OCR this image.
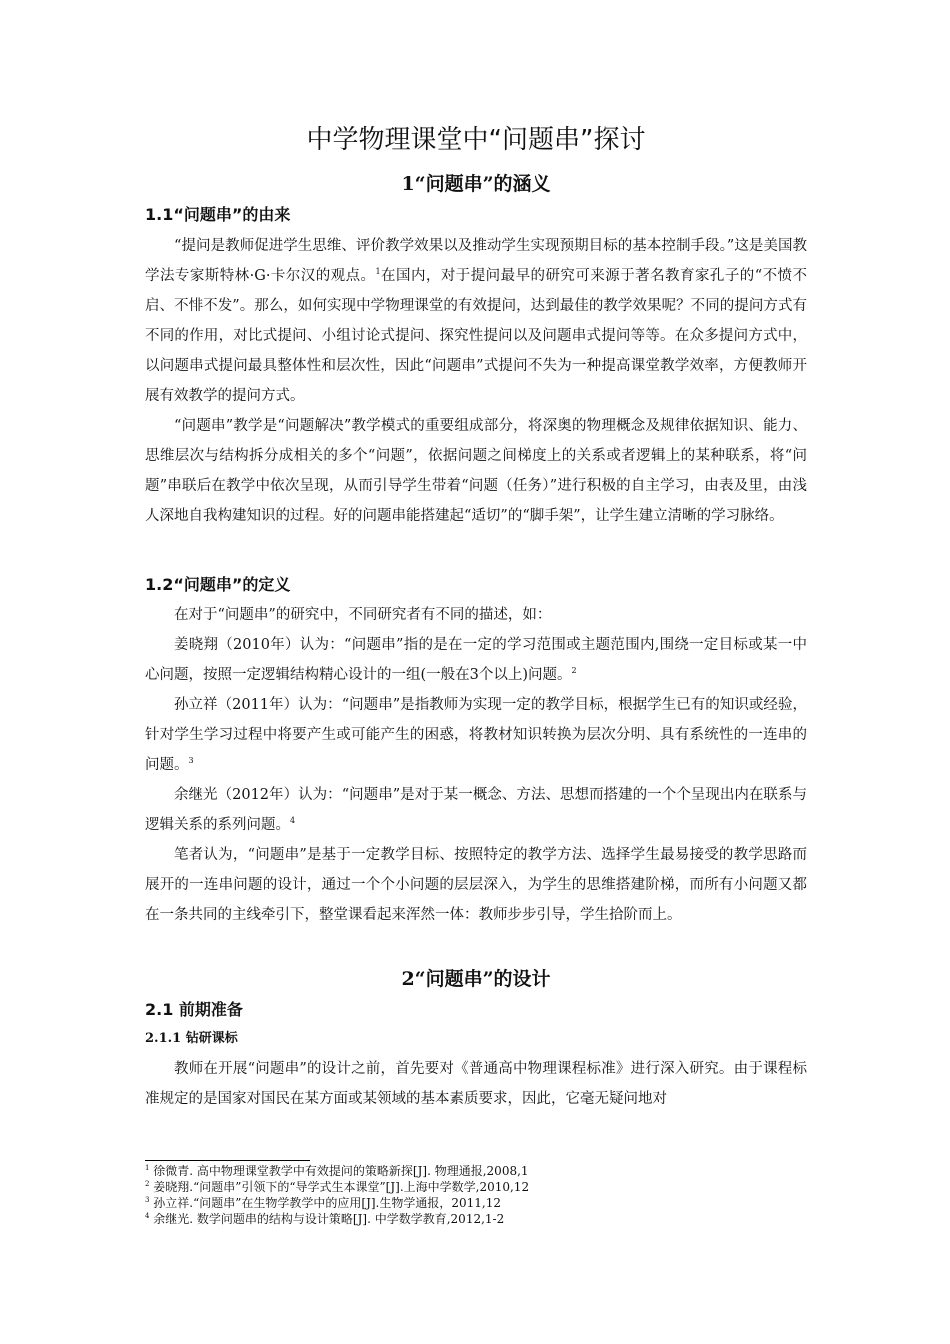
中学物理课堂中“问题串”探讨
1“问题串”的涵义
1.1“问题串”的由来

“提问是教师促进学生思维、评价教学效果以及推动学生实现预期目标的基本控制手段。”这是美国教学法专家斯特林·G·卡尔汉的观点。$^1$在国内，对于提问最早的研究可来源于著名教育家孔子的“不愤不启、不悱不发”。那么，如何实现中学物理课堂的有效提问，达到最佳的教学效果呢？不同的提问方式有不同的作用，对比式提问、小组讨论式提问、探究性提问以及问题串式提问等等。在众多提问方式中，以问题串式提问最具整体性和层次性，因此“问题串”式提问不失为一种提高课堂教学效率，方便教师开展有效教学的提问方式。

“问题串”教学是“问题解决”教学模式的重要组成部分，将深奥的物理概念及规律依据知识、能力、思维层次与结构拆分成相关的多个“问题”，依据问题之间梯度上的关系或者逻辑上的某种联系，将“问题”串联后在教学中依次呈现，从而引导学生带着“问题（任务）”进行积极的自主学习，由表及里，由浅人深地自我构建知识的过程。好的问题串能搭建起“适切”的“脚手架”，让学生建立清晰的学习脉络。

1.2“问题串”的定义

在对于“问题串”的研究中，不同研究者有不同的描述，如：

姜晓翔（2010年）认为：“问题串”指的是在一定的学习范围或主题范围内,围绕一定目标或某一中心问题，按照一定逻辑结构精心设计的一组(一般在3个以上)问题。$^2$

孙立祥（2011年）认为：“问题串”是指教师为实现一定的教学目标，根据学生已有的知识或经验，针对学生学习过程中将要产生或可能产生的困惑，将教材知识转换为层次分明、具有系统性的一连串的问题。$^3$

余继光（2012年）认为：“问题串”是对于某一概念、方法、思想而搭建的一个个呈现出内在联系与逻辑关系的系列问题。$^4$

笔者认为，“问题串”是基于一定教学目标、按照特定的教学方法、选择学生最易接受的教学思路而展开的一连串问题的设计，通过一个个小问题的层层深入，为学生的思维搭建阶梯，而所有小问题又都在一条共同的主线牵引下，整堂课看起来浑然一体：教师步步引导，学生拾阶而上。

2“问题串”的设计
2.1 前期准备
2.1.1 钻研课标

教师在开展“问题串”的设计之前，首先要对《普通高中物理课程标准》进行深入研究。由于课程标准规定的是国家对国民在某方面或某领域的基本素质要求，因此，它毫无疑问地对

$^1$ 徐微青. 高中物理课堂教学中有效提问的策略新探[J]. 物理通报,2008,1
$^2$ 姜晓翔.“问题串”引领下的“导学式生本课堂”[J].上海中学数学,2010,12
$^3$ 孙立祥.“问题串”在生物学教学中的应用[J].生物学通报，2011,12
$^4$ 余继光. 数学问题串的结构与设计策略[J]. 中学数学教育,2012,1-2
